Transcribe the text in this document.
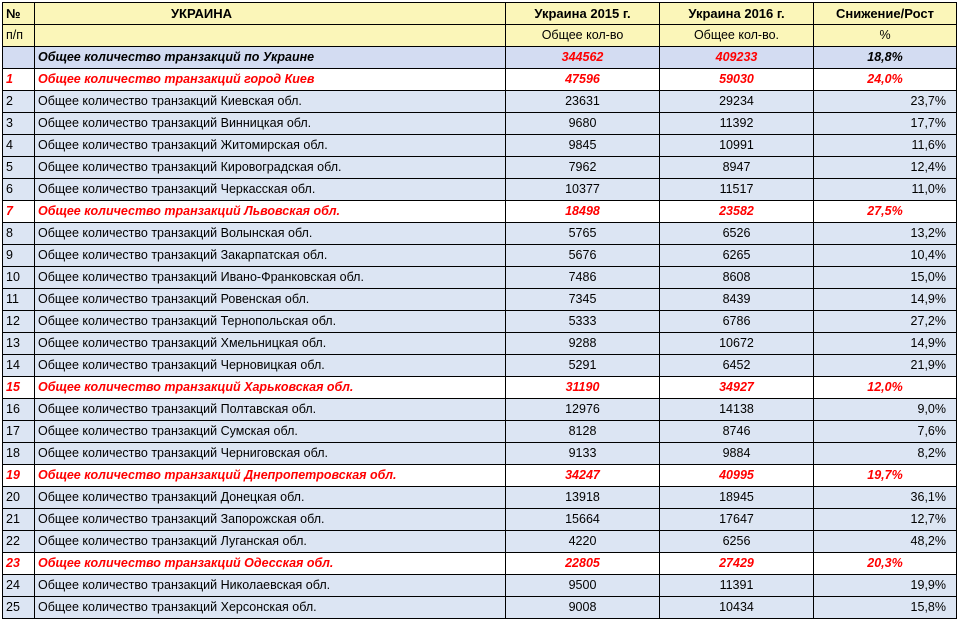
№	УКРАИНА	Украина 2015 г.	Украина 2016 г.	Снижение/Рост
п/п		Общее кол-во	Общее кол-во.	%
	Общее количество транзакций по Украине	344562	409233	18,8%
1	Общее количество транзакций город Киев	47596	59030	24,0%
2	Общее количество транзакций Киевская обл.	23631	29234	23,7%
3	Общее количество транзакций Винницкая обл.	9680	11392	17,7%
4	Общее количество транзакций Житомирская обл.	9845	10991	11,6%
5	Общее количество транзакций Кировоградская обл.	7962	8947	12,4%
6	Общее количество транзакций Черкасская обл.	10377	11517	11,0%
7	Общее количество транзакций Львовская обл.	18498	23582	27,5%
8	Общее количество транзакций Волынская обл.	5765	6526	13,2%
9	Общее количество транзакций Закарпатская обл.	5676	6265	10,4%
10	Общее количество транзакций Ивано-Франковская обл.	7486	8608	15,0%
11	Общее количество транзакций Ровенская обл.	7345	8439	14,9%
12	Общее количество транзакций Тернопольская обл.	5333	6786	27,2%
13	Общее количество транзакций Хмельницкая обл.	9288	10672	14,9%
14	Общее количество транзакций Черновицкая обл.	5291	6452	21,9%
15	Общее количество транзакций Харьковская обл.	31190	34927	12,0%
16	Общее количество транзакций Полтавская обл.	12976	14138	9,0%
17	Общее количество транзакций Сумская обл.	8128	8746	7,6%
18	Общее количество транзакций Черниговская обл.	9133	9884	8,2%
19	Общее количество транзакций Днепропетровская обл.	34247	40995	19,7%
20	Общее количество транзакций Донецкая обл.	13918	18945	36,1%
21	Общее количество транзакций Запорожская обл.	15664	17647	12,7%
22	Общее количество транзакций Луганская обл.	4220	6256	48,2%
23	Общее количество транзакций Одесская обл.	22805	27429	20,3%
24	Общее количество транзакций Николаевская обл.	9500	11391	19,9%
25	Общее количество транзакций Херсонская обл.	9008	10434	15,8%
